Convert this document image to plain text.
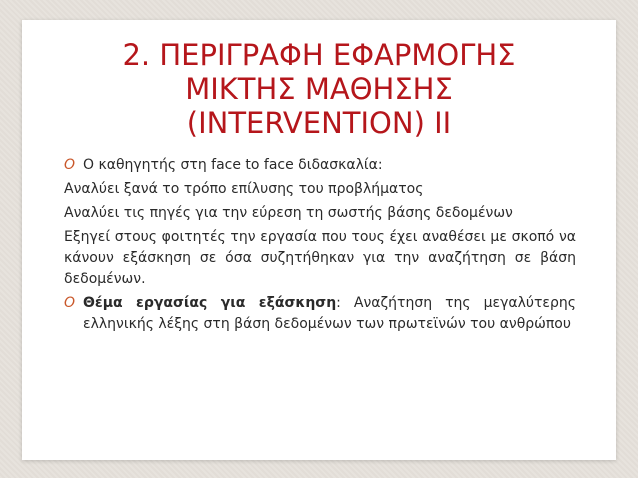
2. ΠΕΡΙΓΡΑΦΗ ΕΦΑΡΜΟΓΗΣ
ΜΙΚΤΗΣ ΜΑΘΗΣΗΣ
(INTERVENTION) II
O Ο καθηγητής στη face to face διδασκαλία:
Αναλύει ξανά το τρόπο επίλυσης του προβλήματος
Αναλύει τις πηγές για την εύρεση τη σωστής βάσης δεδομένων
Εξηγεί στους φοιτητές την εργασία που τους έχει αναθέσει με σκοπό να κάνουν εξάσκηση σε όσα συζητήθηκαν για την αναζήτηση σε βάση δεδομένων.
O Θέμα εργασίας για εξάσκηση: Αναζήτηση της μεγαλύτερης ελληνικής λέξης στη βάση δεδομένων των πρωτεϊνών του ανθρώπου
